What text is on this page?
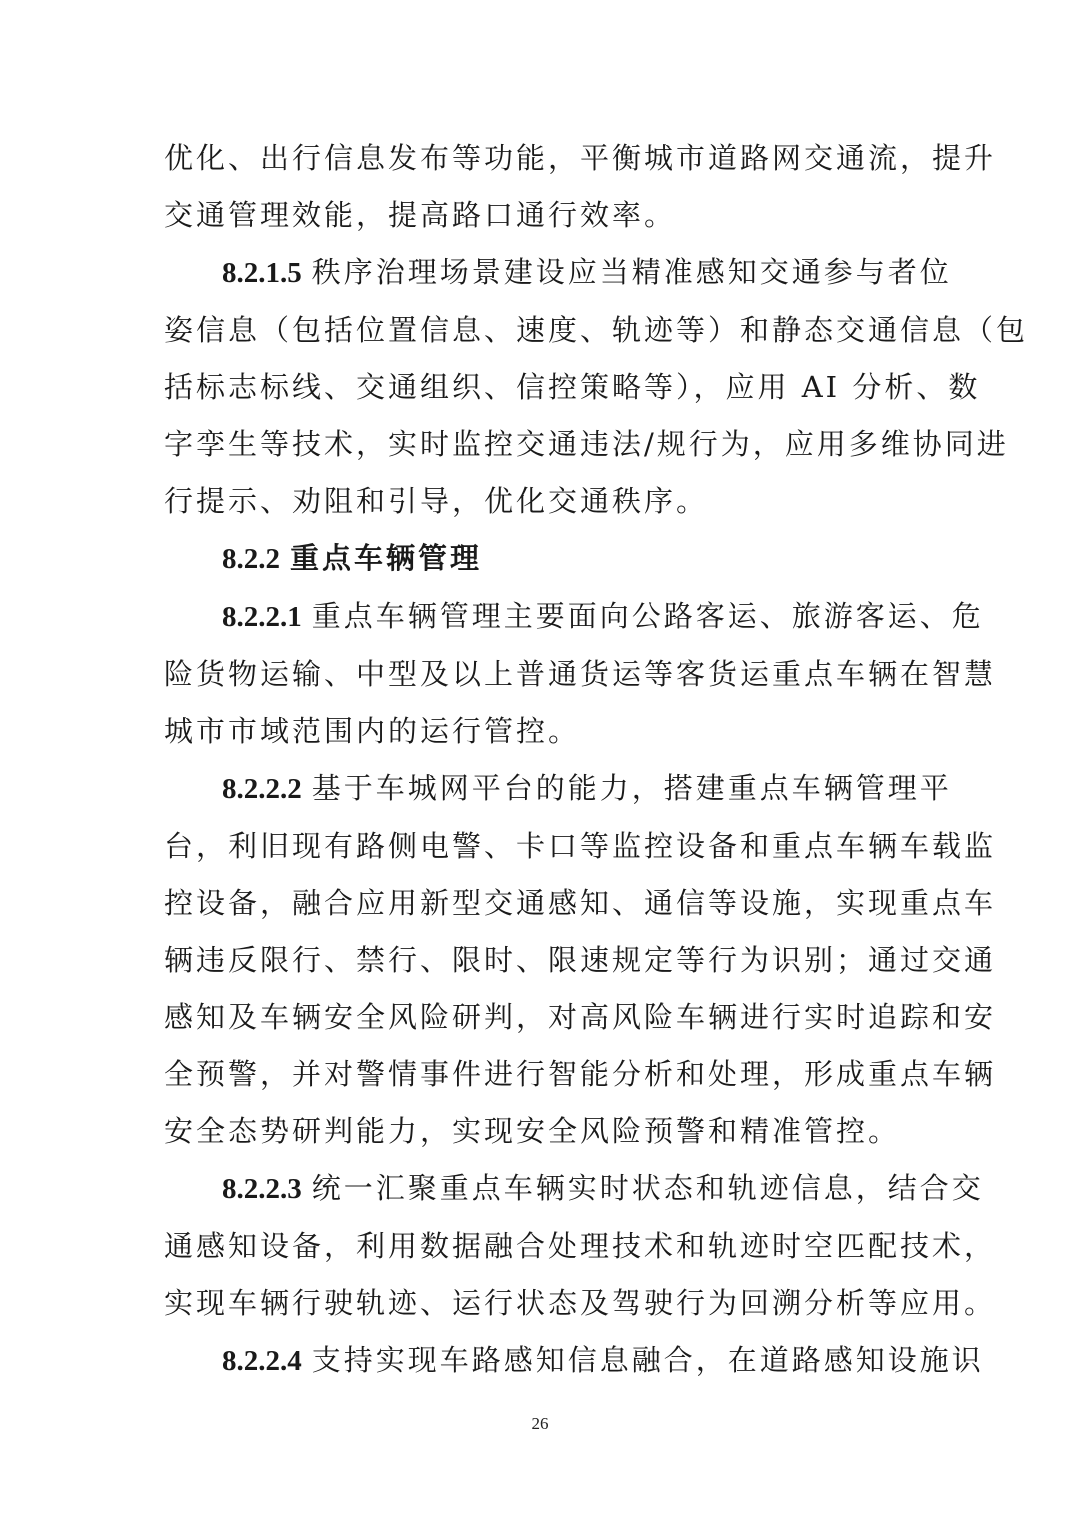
优化、出行信息发布等功能，平衡城市道路网交通流，提升
交通管理效能，提高路口通行效率。

8.2.1.5 秩序治理场景建设应当精准感知交通参与者位
姿信息（包括位置信息、速度、轨迹等）和静态交通信息（包
括标志标线、交通组织、信控策略等），应用 AI 分析、数
字孪生等技术，实时监控交通违法/规行为，应用多维协同进
行提示、劝阻和引导，优化交通秩序。

8.2.2 重点车辆管理

8.2.2.1 重点车辆管理主要面向公路客运、旅游客运、危
险货物运输、中型及以上普通货运等客货运重点车辆在智慧
城市市域范围内的运行管控。

8.2.2.2 基于车城网平台的能力，搭建重点车辆管理平
台，利旧现有路侧电警、卡口等监控设备和重点车辆车载监
控设备，融合应用新型交通感知、通信等设施，实现重点车
辆违反限行、禁行、限时、限速规定等行为识别；通过交通
感知及车辆安全风险研判，对高风险车辆进行实时追踪和安
全预警，并对警情事件进行智能分析和处理，形成重点车辆
安全态势研判能力，实现安全风险预警和精准管控。

8.2.2.3 统一汇聚重点车辆实时状态和轨迹信息，结合交
通感知设备，利用数据融合处理技术和轨迹时空匹配技术，
实现车辆行驶轨迹、运行状态及驾驶行为回溯分析等应用。

8.2.2.4 支持实现车路感知信息融合，在道路感知设施识

26
